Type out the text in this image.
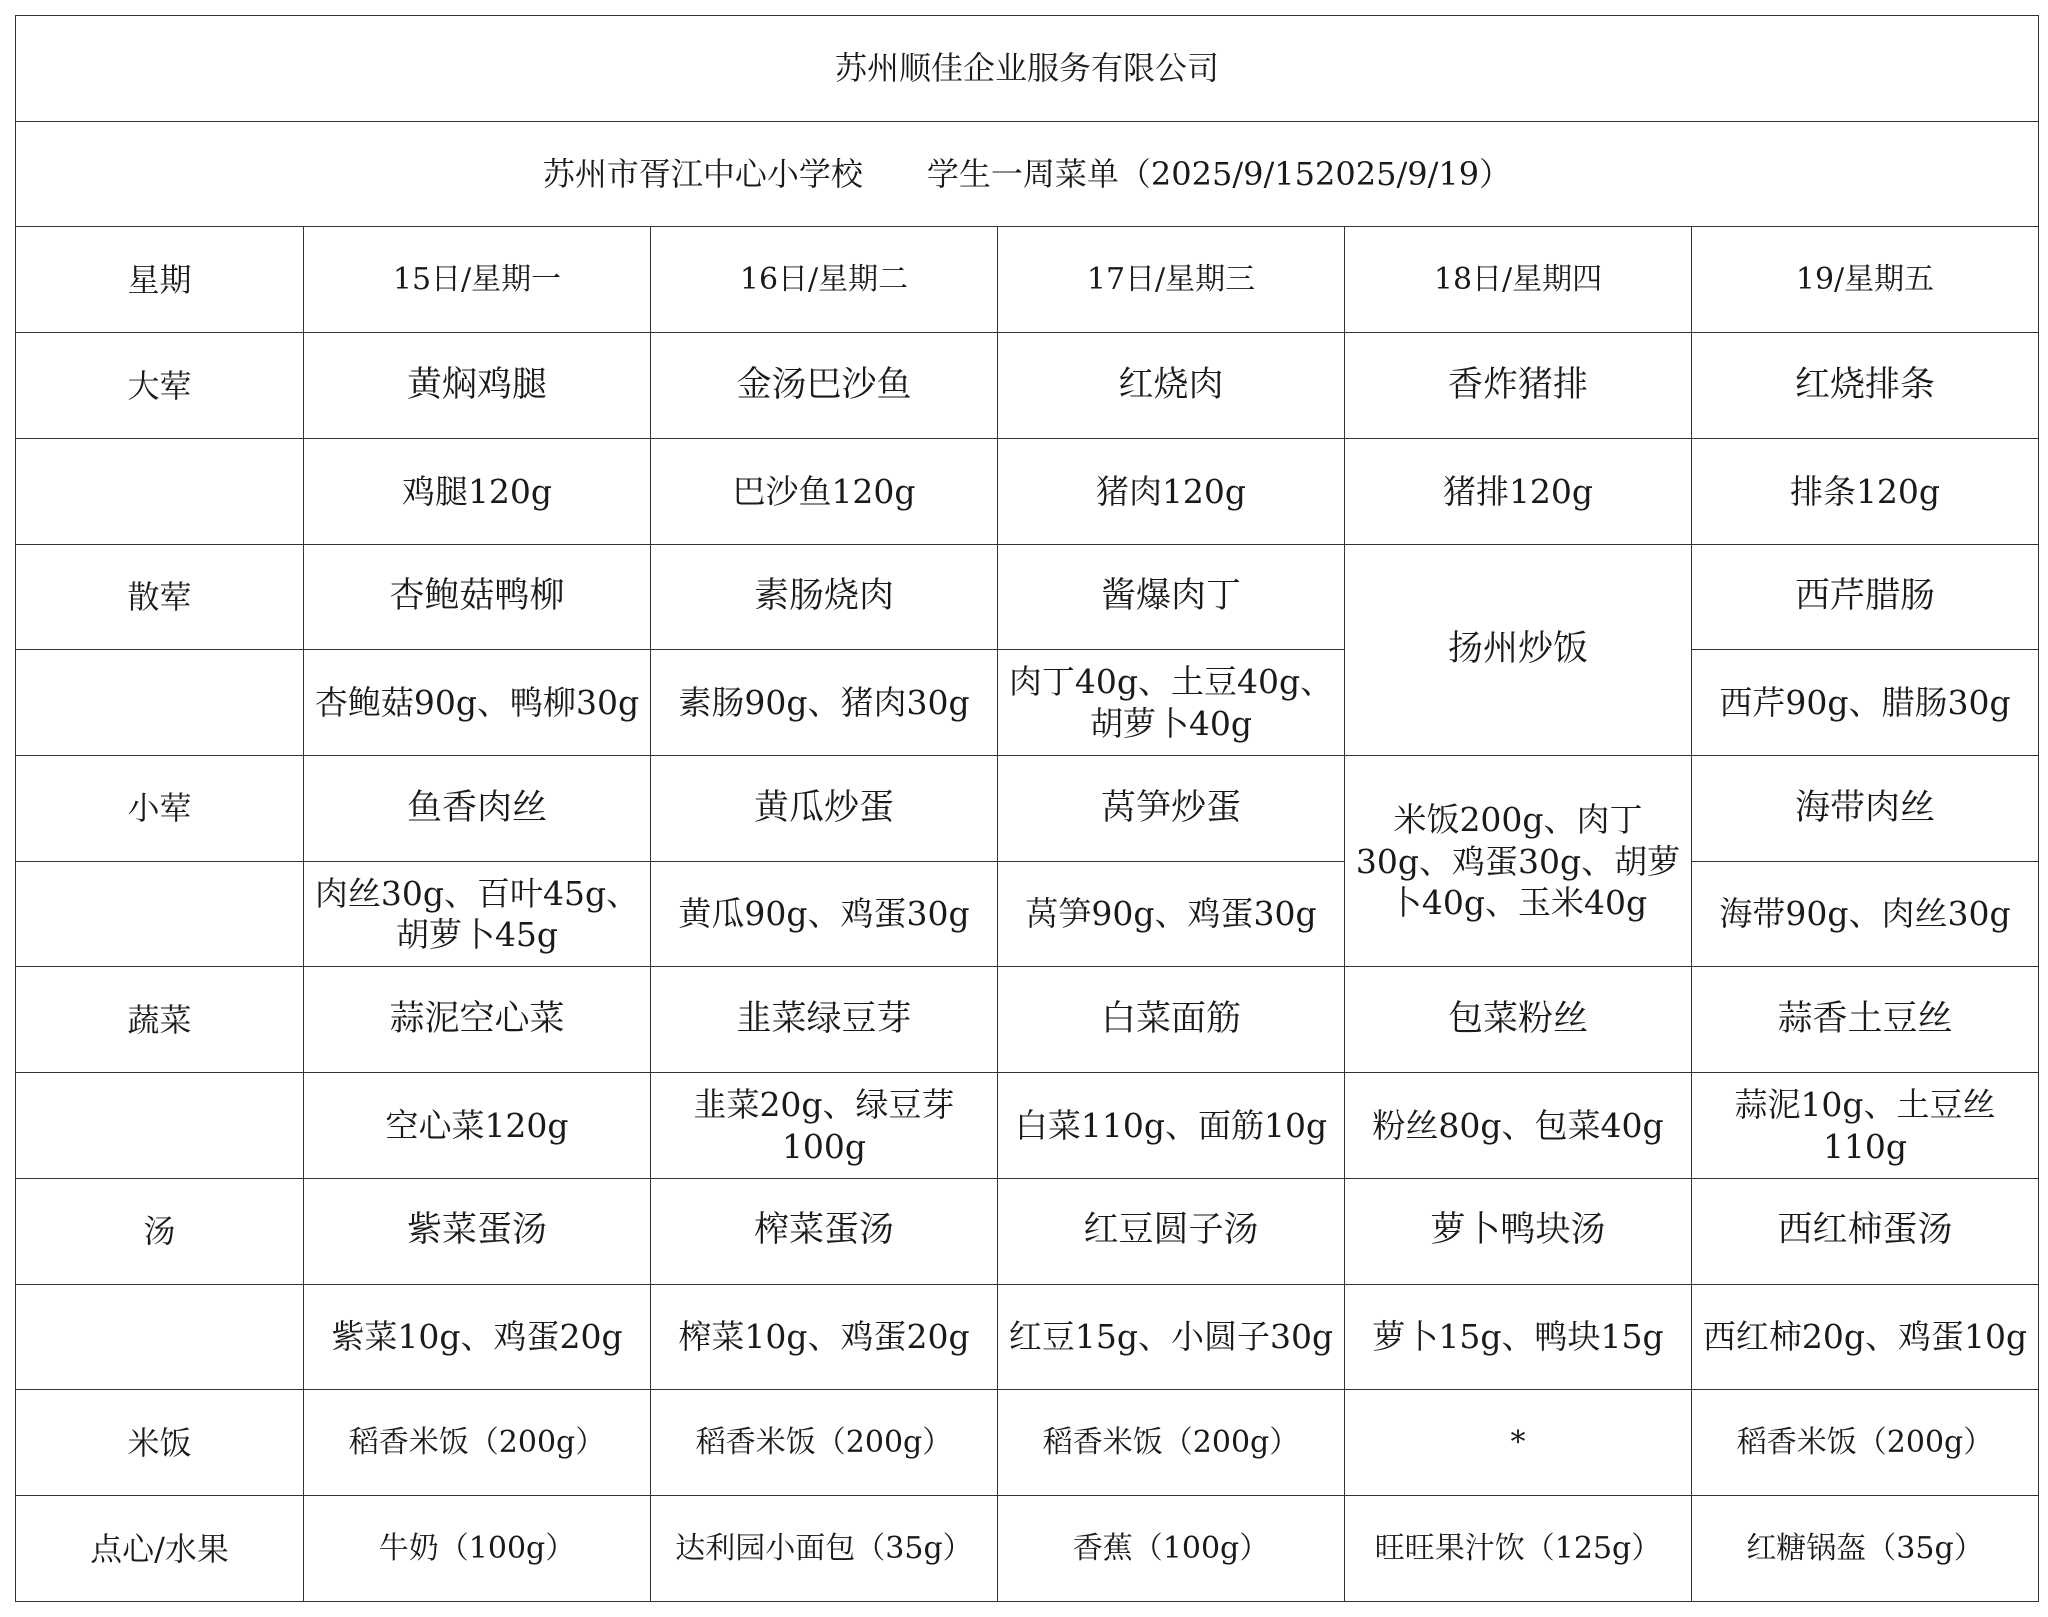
苏州顺佳企业服务有限公司					
苏州市胥江中心小学校　　学生一周菜单（2025/9/152025/9/19）					
星期	15日/星期一	16日/星期二	17日/星期三	18日/星期四	19/星期五
大荤	黄焖鸡腿	金汤巴沙鱼	红烧肉	香炸猪排	红烧排条
	鸡腿120g	巴沙鱼120g	猪肉120g	猪排120g	排条120g
散荤	杏鲍菇鸭柳	素肠烧肉	酱爆肉丁	扬州炒饭	西芹腊肠
	杏鲍菇90g、鸭柳30g	素肠90g、猪肉30g	肉丁40g、土豆40g、胡萝卜40g		西芹90g、腊肠30g
小荤	鱼香肉丝	黄瓜炒蛋	莴笋炒蛋	米饭200g、肉丁30g、鸡蛋30g、胡萝卜40g、玉米40g	海带肉丝
	肉丝30g、百叶45g、胡萝卜45g	黄瓜90g、鸡蛋30g	莴笋90g、鸡蛋30g		海带90g、肉丝30g
蔬菜	蒜泥空心菜	韭菜绿豆芽	白菜面筋	包菜粉丝	蒜香土豆丝
	空心菜120g	韭菜20g、绿豆芽100g	白菜110g、面筋10g	粉丝80g、包菜40g	蒜泥10g、土豆丝110g
汤	紫菜蛋汤	榨菜蛋汤	红豆圆子汤	萝卜鸭块汤	西红柿蛋汤
	紫菜10g、鸡蛋20g	榨菜10g、鸡蛋20g	红豆15g、小圆子30g	萝卜15g、鸭块15g	西红柿20g、鸡蛋10g
米饭	稻香米饭（200g）	稻香米饭（200g）	稻香米饭（200g）	*	稻香米饭（200g）
点心/水果	牛奶（100g）	达利园小面包（35g）	香蕉（100g）	旺旺果汁饮（125g）	红糖锅盔（35g）
